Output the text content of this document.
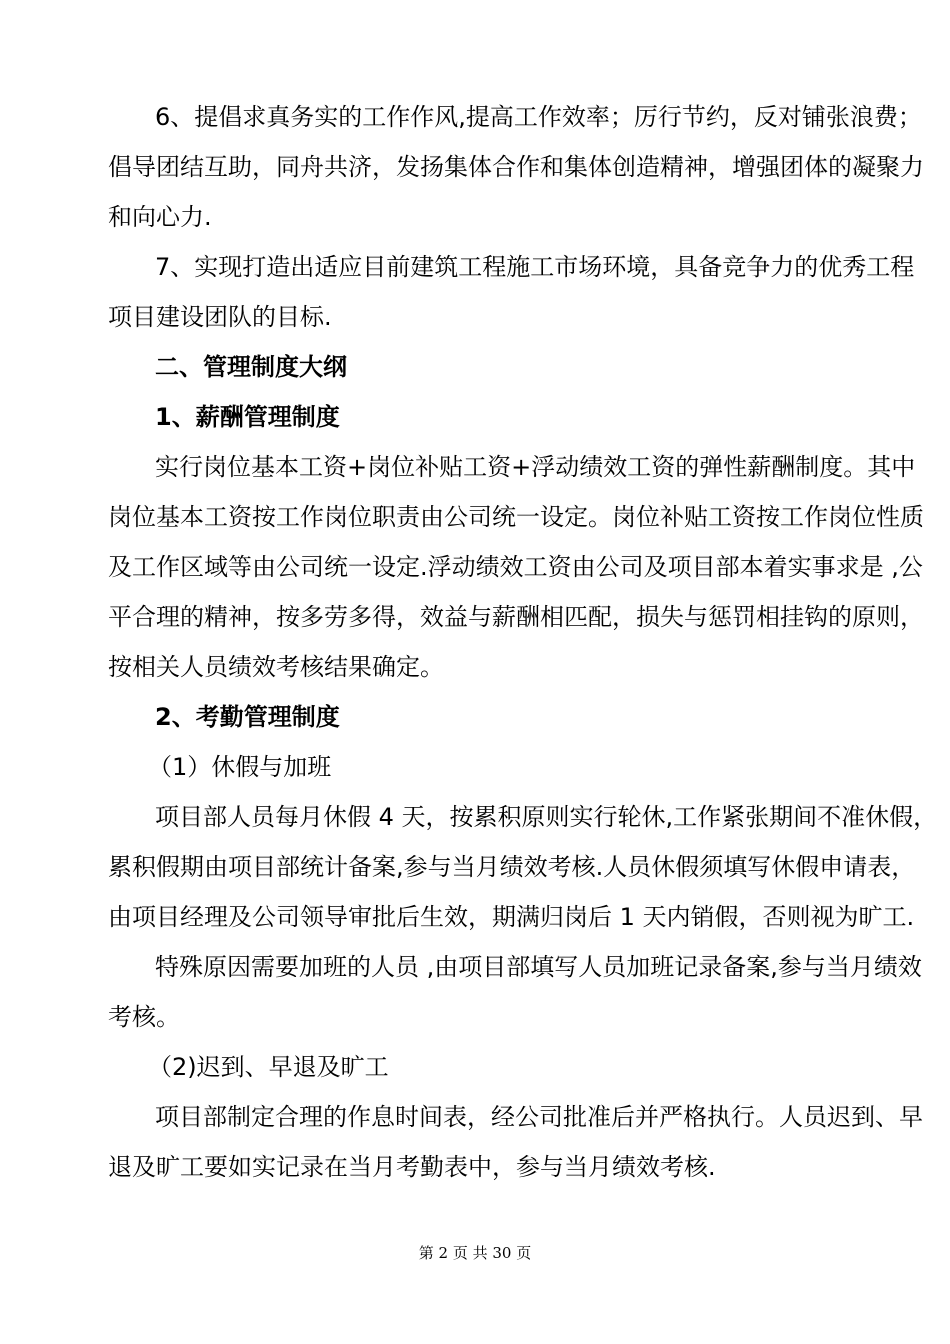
6、提倡求真务实的工作作风,提高工作效率；厉行节约，反对铺张浪费；
倡导团结互助，同舟共济，发扬集体合作和集体创造精神，增强团体的凝聚力
和向心力.
7、实现打造出适应目前建筑工程施工市场环境，具备竞争力的优秀工程
项目建设团队的目标.
二、管理制度大纲
1、薪酬管理制度
实行岗位基本工资+岗位补贴工资+浮动绩效工资的弹性薪酬制度。其中
岗位基本工资按工作岗位职责由公司统一设定。岗位补贴工资按工作岗位性质
及工作区域等由公司统一设定.浮动绩效工资由公司及项目部本着实事求是 ,公
平合理的精神，按多劳多得，效益与薪酬相匹配，损失与惩罚相挂钩的原则，
按相关人员绩效考核结果确定。
2、考勤管理制度
（1）休假与加班
项目部人员每月休假 4 天，按累积原则实行轮休,工作紧张期间不准休假，
累积假期由项目部统计备案,参与当月绩效考核.人员休假须填写休假申请表，
由项目经理及公司领导审批后生效，期满归岗后 1 天内销假，否则视为旷工.
特殊原因需要加班的人员 ,由项目部填写人员加班记录备案,参与当月绩效
考核。
（2)迟到、早退及旷工
项目部制定合理的作息时间表，经公司批准后并严格执行。人员迟到、早
退及旷工要如实记录在当月考勤表中，参与当月绩效考核.
第 2 页 共 30 页
